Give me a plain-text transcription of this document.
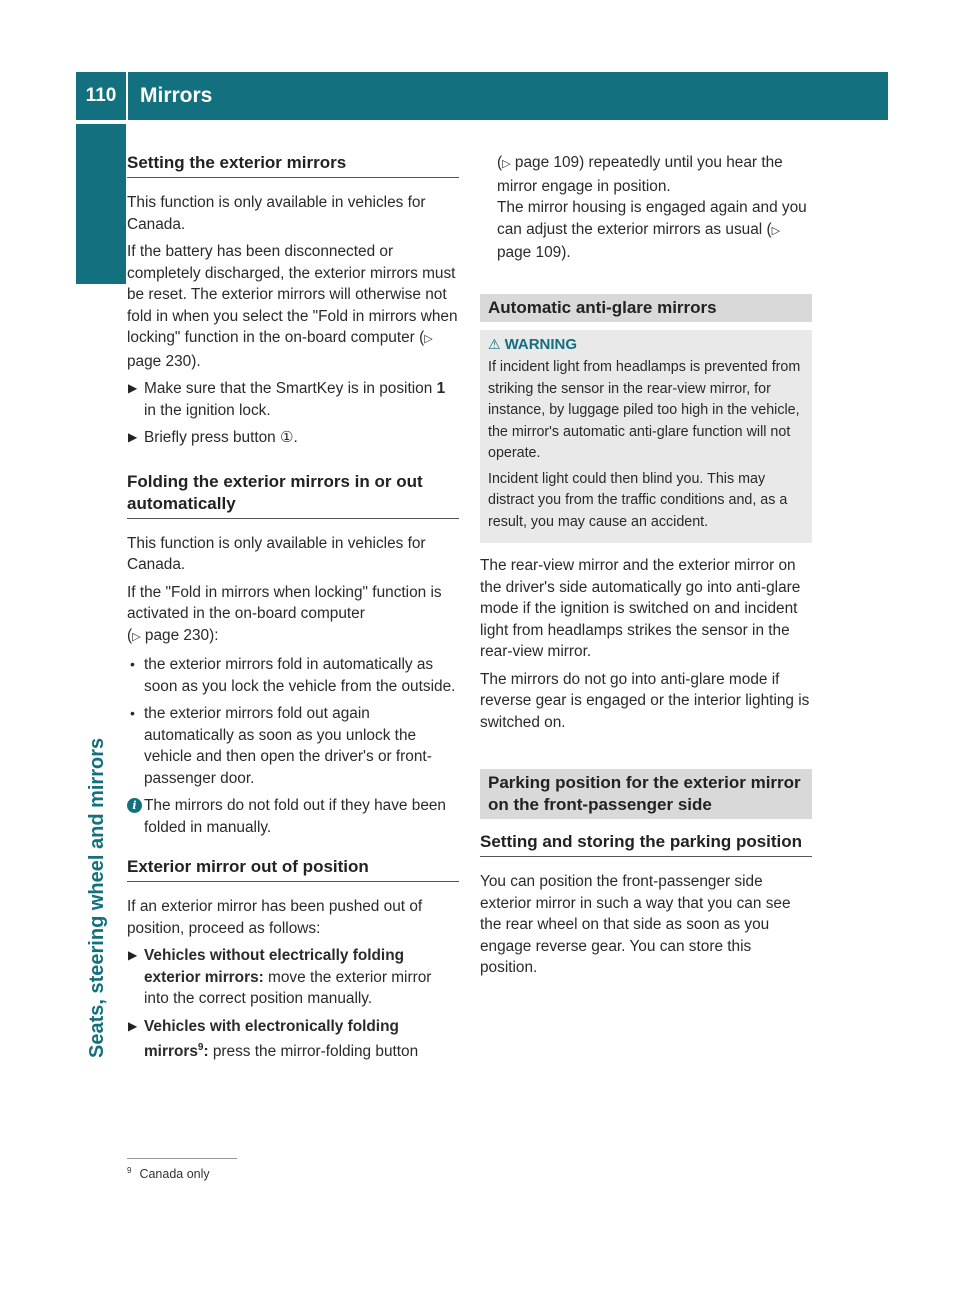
110	Mirrors
Seats, steering wheel and mirrors
Setting the exterior mirrors

This function is only available in vehicles for Canada.

If the battery has been disconnected or completely discharged, the exterior mirrors must be reset. The exterior mirrors will otherwise not fold in when you select the "Fold in mirrors when locking" function in the on-board computer (▷ page 230).

▶ Make sure that the SmartKey is in position 1 in the ignition lock.
▶ Briefly press button ①.
Folding the exterior mirrors in or out automatically

This function is only available in vehicles for Canada.

If the "Fold in mirrors when locking" function is activated in the on-board computer
(▷ page 230):

• the exterior mirrors fold in automatically as soon as you lock the vehicle from the outside.
• the exterior mirrors fold out again automatically as soon as you unlock the vehicle and then open the driver's or front-passenger door.
i The mirrors do not fold out if they have been folded in manually.
Exterior mirror out of position

If an exterior mirror has been pushed out of position, proceed as follows:

▶ Vehicles without electrically folding exterior mirrors: move the exterior mirror into the correct position manually.
▶ Vehicles with electronically folding mirrors$^9$: press the mirror-folding button

(▷ page 109) repeatedly until you hear the mirror engage in position.
The mirror housing is engaged again and you can adjust the exterior mirrors as usual (▷ page 109).

Automatic anti-glare mirrors
⚠ WARNING

If incident light from headlamps is prevented from striking the sensor in the rear-view mirror, for instance, by luggage piled too high in the vehicle, the mirror's automatic anti-glare function will not operate.

Incident light could then blind you. This may distract you from the traffic conditions and, as a result, you may cause an accident.

The rear-view mirror and the exterior mirror on the driver's side automatically go into anti-glare mode if the ignition is switched on and incident light from headlamps strikes the sensor in the rear-view mirror.

The mirrors do not go into anti-glare mode if reverse gear is engaged or the interior lighting is switched on.

Parking position for the exterior mirror on the front-passenger side
Setting and storing the parking position

You can position the front-passenger side exterior mirror in such a way that you can see the rear wheel on that side as soon as you engage reverse gear. You can store this position.

$^9$ Canada only
